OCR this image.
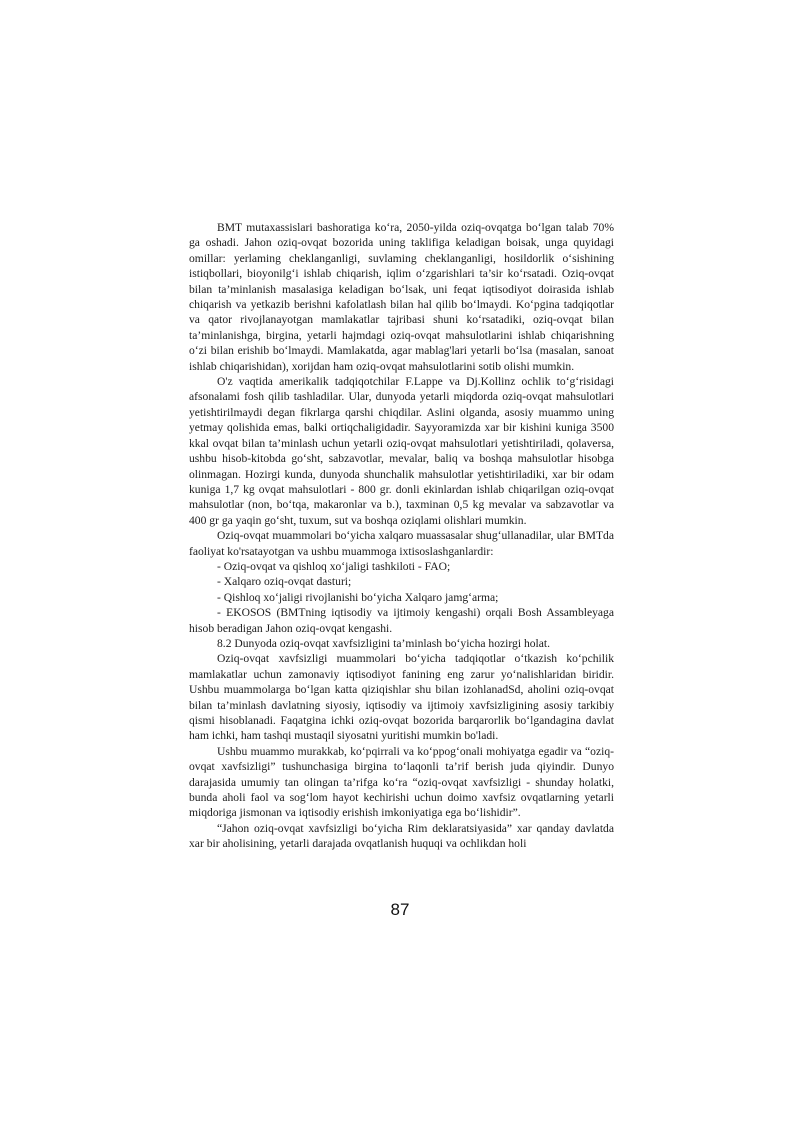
BMT mutaxassislari bashoratiga ko‘ra, 2050-yilda oziq-ovqatga bo‘lgan talab 70% ga oshadi. Jahon oziq-ovqat bozorida uning taklifiga keladigan boisak, unga quyidagi omillar: yerlaming cheklanganligi, suvlaming cheklanganligi, hosildorlik o‘sishining istiqbollari, bioyonilg‘i ishlab chiqarish, iqlim o‘zgarishlari ta’sir ko‘rsatadi. Oziq-ovqat bilan ta’minlanish masalasiga keladigan bo‘lsak, uni feqat iqtisodiyot doirasida ishlab chiqarish va yetkazib berishni kafolatlash bilan hal qilib bo‘lmaydi. Ko‘pgina tadqiqotlar va qator rivojlanayotgan mamlakatlar tajribasi shuni ko‘rsatadiki, oziq-ovqat bilan ta’minlanishga, birgina, yetarli hajmdagi oziq-ovqat mahsulotlarini ishlab chiqarishning o‘zi bilan erishib bo‘lmaydi. Mamlakatda, agar mablag'lari yetarli bo‘lsa (masalan, sanoat ishlab chiqarishidan), xorijdan ham oziq-ovqat mahsulotlarini sotib olishi mumkin.

O'z vaqtida amerikalik tadqiqotchilar F.Lappe va Dj.Kollinz ochlik to‘g‘risidagi afsonalami fosh qilib tashladilar. Ular, dunyoda yetarli miqdorda oziq-ovqat mahsulotlari yetishtirilmaydi degan fikrlarga qarshi chiqdilar. Aslini olganda, asosiy muammo uning yetmay qolishida emas, balki ortiqchaligidadir. Sayyoramizda xar bir kishini kuniga 3500 kkal ovqat bilan ta’minlash uchun yetarli oziq-ovqat mahsulotlari yetishtiriladi, qolaversa, ushbu hisob-kitobda go‘sht, sabzavotlar, mevalar, baliq va boshqa mahsulotlar hisobga olinmagan. Hozirgi kunda, dunyoda shunchalik mahsulotlar yetishtiriladiki, xar bir odam kuniga 1,7 kg ovqat mahsulotlari - 800 gr. donli ekinlardan ishlab chiqarilgan oziq-ovqat mahsulotlar (non, bo‘tqa, makaronlar va b.), taxminan 0,5 kg mevalar va sabzavotlar va 400 gr ga yaqin go‘sht, tuxum, sut va boshqa oziqlami olishlari mumkin.

Oziq-ovqat muammolari bo‘yicha xalqaro muassasalar shug‘ullanadilar, ular BMTda faoliyat ko'rsatayotgan va ushbu muammoga ixtisoslashganlardir:

- Oziq-ovqat va qishloq xo‘jaligi tashkiloti - FAO;
- Xalqaro oziq-ovqat dasturi;
- Qishloq xo‘jaligi rivojlanishi bo‘yicha Xalqaro jamg‘arma;
- EKOSOS (BMTning iqtisodiy va ijtimoiy kengashi) orqali Bosh Assambleyaga hisob beradigan Jahon oziq-ovqat kengashi.

8.2 Dunyoda oziq-ovqat xavfsizligini ta’minlash bo‘yicha hozirgi holat.

Oziq-ovqat xavfsizligi muammolari bo‘yicha tadqiqotlar o‘tkazish ko‘pchilik mamlakatlar uchun zamonaviy iqtisodiyot fanining eng zarur yo‘nalishlaridan biridir. Ushbu muammolarga bo‘lgan katta qiziqishlar shu bilan izohlanadSd, aholini oziq-ovqat bilan ta’minlash davlatning siyosiy, iqtisodiy va ijtimoiy xavfsizligining asosiy tarkibiy qismi hisoblanadi. Faqatgina ichki oziq-ovqat bozorida barqarorlik bo‘lgandagina davlat ham ichki, ham tashqi mustaqil siyosatni yuritishi mumkin bo'ladi.

Ushbu muammo murakkab, ko‘pqirrali va ko‘ppog‘onali mohiyatga egadir va “oziq-ovqat xavfsizligi” tushunchasiga birgina to‘laqonli ta’rif berish juda qiyindir. Dunyo darajasida umumiy tan olingan ta’rifga ko‘ra “oziq-ovqat xavfsizligi - shunday holatki, bunda aholi faol va sog‘lom hayot kechirishi uchun doimo xavfsiz ovqatlarning yetarli miqdoriga jismonan va iqtisodiy erishish imkoniyatiga ega bo‘lishidir”.

“Jahon oziq-ovqat xavfsizligi bo‘yicha Rim deklaratsiyasida” xar qanday davlatda xar bir aholisining, yetarli darajada ovqatlanish huquqi va ochlikdan holi

87
